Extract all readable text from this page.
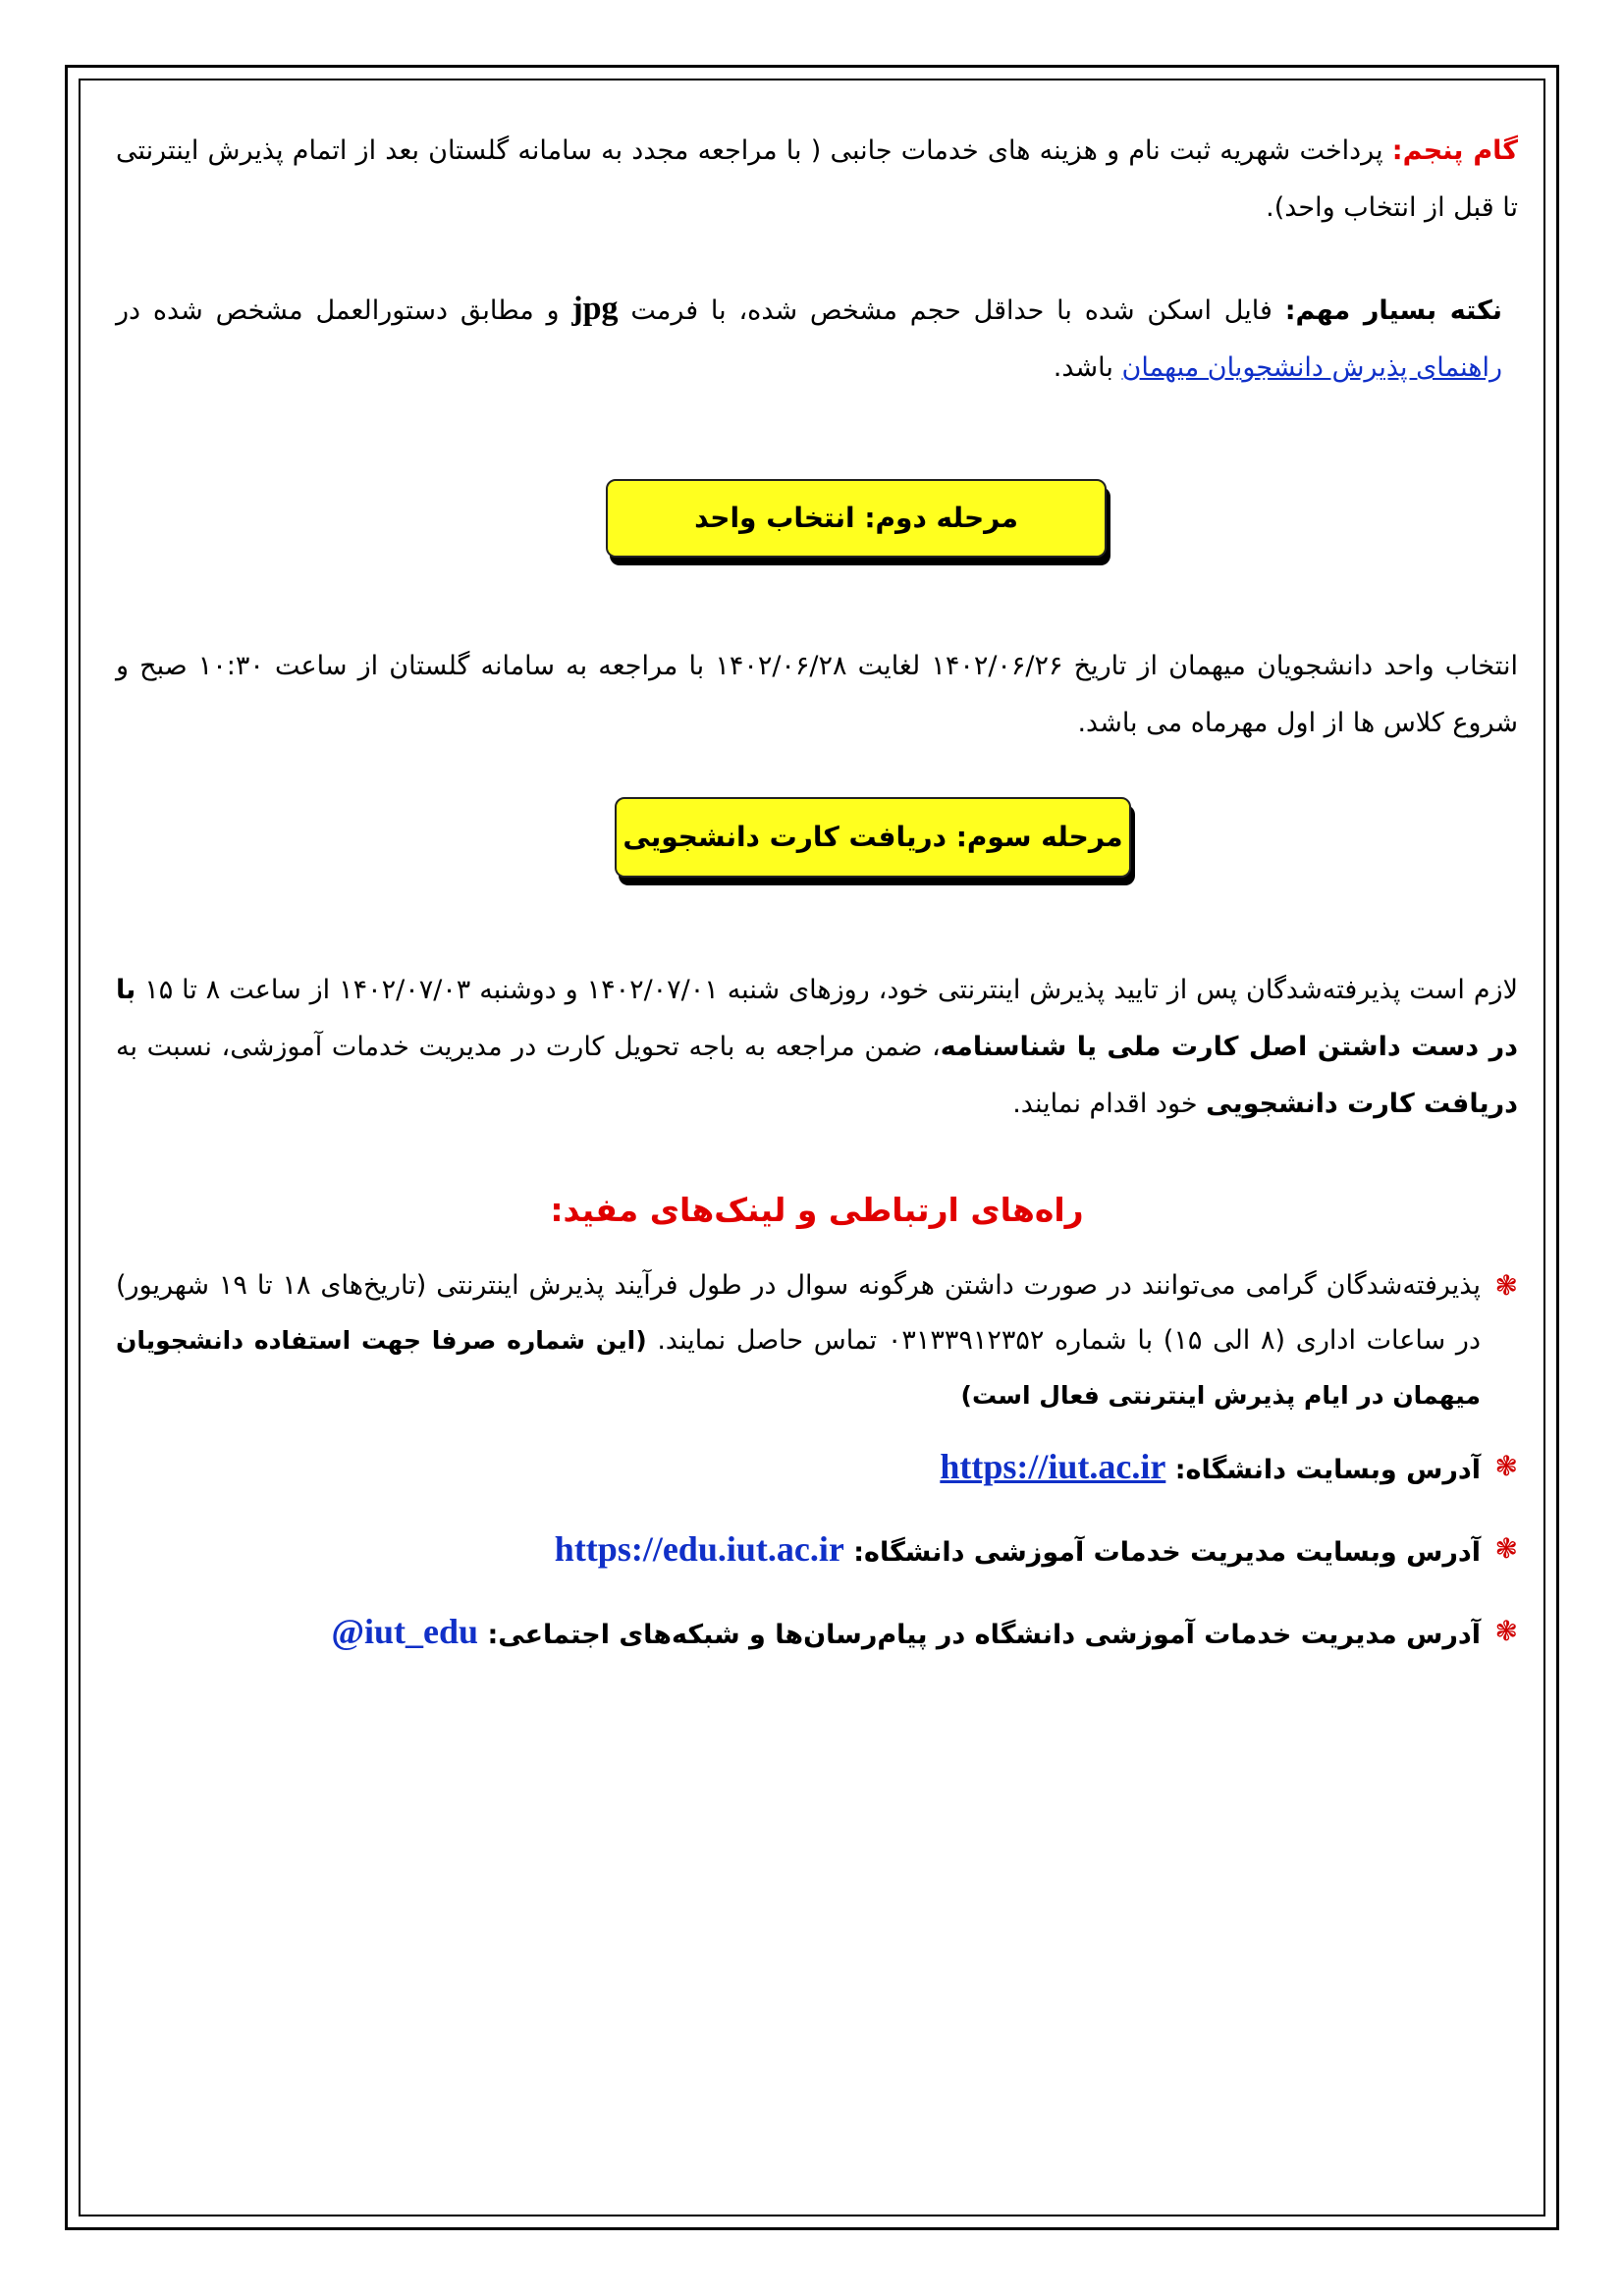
گام پنجم: پرداخت شهریه ثبت نام و هزینه های خدمات جانبی ( با مراجعه مجدد به سامانه گلستان بعد از اتمام پذیرش اینترنتی تا قبل از انتخاب واحد).
نکته بسیار مهم: فایل اسکن شده با حداقل حجم مشخص شده، با فرمت jpg و مطابق دستورالعمل مشخص شده در راهنمای پذیرش دانشجویان میهمان باشد.
مرحله دوم: انتخاب واحد
انتخاب واحد دانشجویان میهمان از تاریخ ۱۴۰۲/۰۶/۲۶ لغایت ۱۴۰۲/۰۶/۲۸ با مراجعه به سامانه گلستان از ساعت ۱۰:۳۰ صبح و شروع کلاس ها از اول مهرماه می باشد.
مرحله سوم: دریافت کارت دانشجویی
لازم است پذیرفته‌شدگان پس از تایید پذیرش اینترنتی خود، روزهای شنبه ۱۴۰۲/۰۷/۰۱ و دوشنبه ۱۴۰۲/۰۷/۰۳ از ساعت ۸ تا ۱۵ با در دست داشتن اصل کارت ملی یا شناسنامه، ضمن مراجعه به باجه تحویل کارت در مدیریت خدمات آموزشی، نسبت به دریافت کارت دانشجویی خود اقدام نمایند.
راه‌های ارتباطی و لینک‌های مفید:
❃
پذیرفته‌شدگان گرامی می‌توانند در صورت داشتن هرگونه سوال در طول فرآیند پذیرش اینترنتی (تاریخ‌های ۱۸ تا ۱۹ شهریور) در ساعات اداری (۸ الی ۱۵) با شماره ۰۳۱۳۳۹۱۲۳۵۲ تماس حاصل نمایند. (این شماره صرفا جهت استفاده دانشجویان میهمان در ایام پذیرش اینترنتی فعال است)
❃
آدرس وبسایت دانشگاه: https://iut.ac.ir
❃
آدرس وبسایت مدیریت خدمات آموزشی دانشگاه: https://edu.iut.ac.ir
❃
آدرس مدیریت خدمات آموزشی دانشگاه در پیام‌رسان‌ها و شبکه‌های اجتماعی: @iut_edu
